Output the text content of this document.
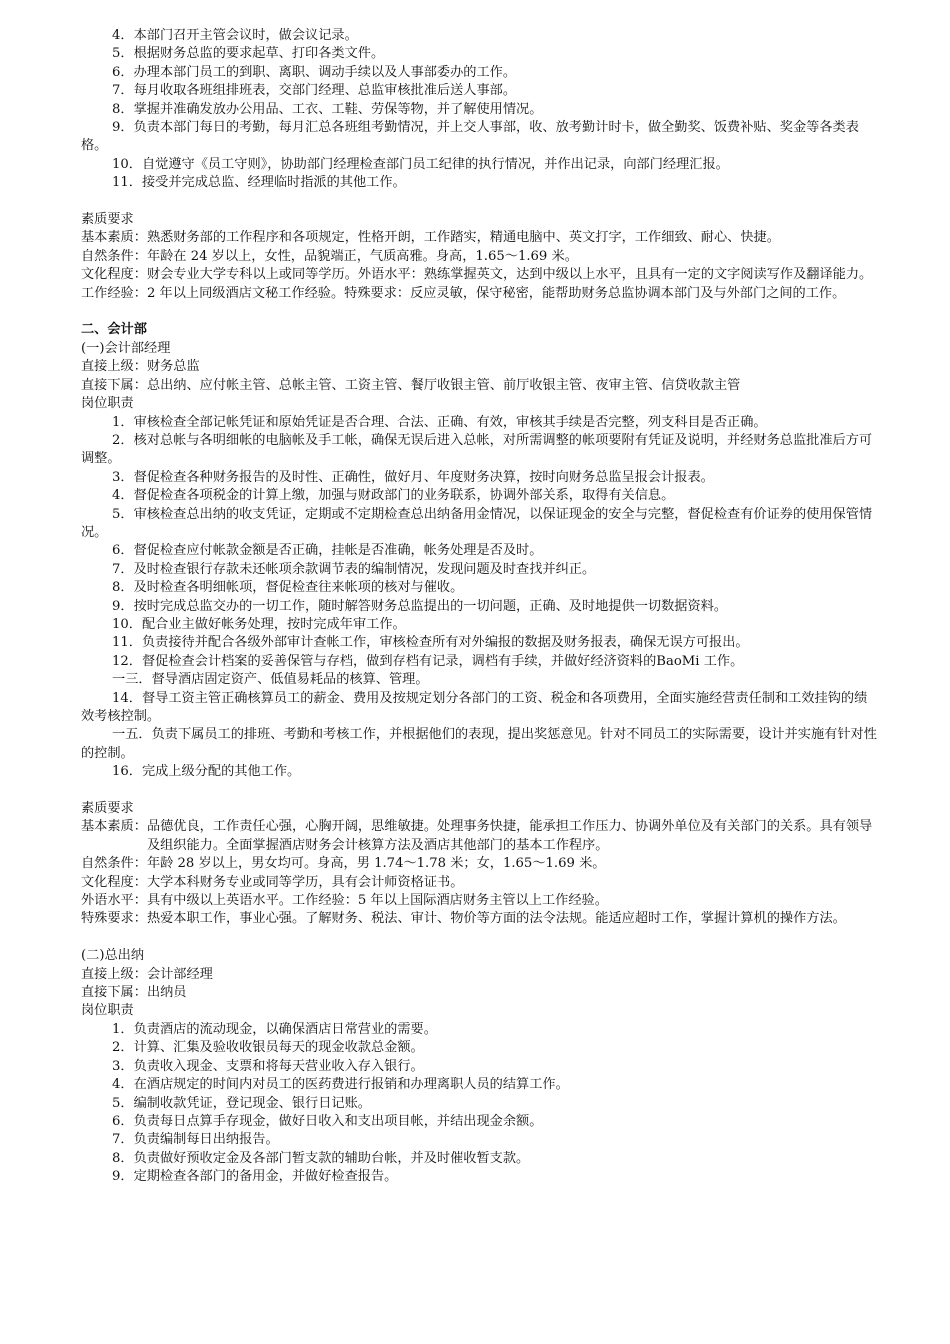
4．本部门召开主管会议时，做会议记录。
5．根据财务总监的要求起草、打印各类文件。
6．办理本部门员工的到职、离职、调动手续以及人事部委办的工作。
7．每月收取各班组排班表，交部门经理、总监审核批准后送人事部。
8．掌握并准确发放办公用品、工衣、工鞋、劳保等物，并了解使用情况。
9．负责本部门每日的考勤，每月汇总各班组考勤情况，并上交人事部，收、放考勤计时卡，做全勤奖、饭费补贴、奖金等各类表格。
10．自觉遵守《员工守则》，协助部门经理检查部门员工纪律的执行情况，并作出记录，向部门经理汇报。
11．接受并完成总监、经理临时指派的其他工作。
素质要求
基本素质： 熟悉财务部的工作程序和各项规定，性格开朗，工作踏实，精通电脑中、英文打字，工作细致、耐心、快捷。
自然条件： 年龄在 24 岁以上，女性，品貌端正，气质高雅。身高，1.65～1.69 米。
文化程度： 财会专业大学专科以上或同等学历。外语水平：熟练掌握英文，达到中级以上水平，且具有一定的文字阅读写作及翻译能力。
工作经验： 2 年以上同级酒店文秘工作经验。特殊要求：反应灵敏，保守秘密，能帮助财务总监协调本部门及与外部门之间的工作。
二、会计部
(一)会计部经理
直接上级： 财务总监
直接下属： 总出纳、应付帐主管、总帐主管、工资主管、餐厅收银主管、前厅收银主管、夜审主管、信贷收款主管
岗位职责
1．审核检查全部记帐凭证和原始凭证是否合理、合法、正确、有效，审核其手续是否完整，列支科目是否正确。
2．核对总帐与各明细帐的电脑帐及手工帐，确保无误后进入总帐，对所需调整的帐项要附有凭证及说明，并经财务总监批准后方可调整。
3．督促检查各种财务报告的及时性、正确性，做好月、年度财务决算，按时向财务总监呈报会计报表。
4．督促检查各项税金的计算上缴，加强与财政部门的业务联系，协调外部关系，取得有关信息。
5．审核检查总出纳的收支凭证，定期或不定期检查总出纳备用金情况，以保证现金的安全与完整，督促检查有价证券的使用保管情况。
6．督促检查应付帐款金额是否正确，挂帐是否准确，帐务处理是否及时。
7．及时检查银行存款未还帐项余款调节表的编制情况，发现问题及时查找并纠正。
8．及时检查各明细帐项，督促检查往来帐项的核对与催收。
9．按时完成总监交办的一切工作，随时解答财务总监提出的一切问题，正确、及时地提供一切数据资料。
10．配合业主做好帐务处理，按时完成年审工作。
11．负责接待并配合各级外部审计查帐工作，审核检查所有对外编报的数据及财务报表，确保无误方可报出。
12．督促检查会计档案的妥善保管与存档，做到存档有记录，调档有手续，并做好经济资料的BaoMi 工作。
一三．督导酒店固定资产、低值易耗品的核算、管理。
14．督导工资主管正确核算员工的薪金、费用及按规定划分各部门的工资、税金和各项费用，全面实施经营责任制和工效挂钩的绩效考核控制。
一五．负责下属员工的排班、考勤和考核工作，并根据他们的表现，提出奖惩意见。针对不同员工的实际需要，设计并实施有针对性的控制。
16．完成上级分配的其他工作。
素质要求
基本素质： 品德优良，工作责任心强，心胸开阔，思维敏捷。处理事务快捷，能承担工作压力、协调外单位及有关部门的关系。具有领导及组织能力。全面掌握酒店财务会计核算方法及酒店其他部门的基本工作程序。
自然条件： 年龄 28 岁以上，男女均可。身高，男 1.74～1.78 米；女，1.65～1.69 米。
文化程度： 大学本科财务专业或同等学历，具有会计师资格证书。
外语水平： 具有中级以上英语水平。工作经验：5 年以上国际酒店财务主管以上工作经验。
特殊要求： 热爱本职工作，事业心强。了解财务、税法、审计、物价等方面的法令法规。能适应超时工作，掌握计算机的操作方法。
(二)总出纳
直接上级： 会计部经理
直接下属： 出纳员
岗位职责
1．负责酒店的流动现金，以确保酒店日常营业的需要。
2．计算、汇集及验收收银员每天的现金收款总金额。
3．负责收入现金、支票和将每天营业收入存入银行。
4．在酒店规定的时间内对员工的医药费进行报销和办理离职人员的结算工作。
5．编制收款凭证，登记现金、银行日记账。
6．负责每日点算手存现金，做好日收入和支出项目帐，并结出现金余额。
7．负责编制每日出纳报告。
8．负责做好预收定金及各部门暂支款的辅助台帐，并及时催收暂支款。
9．定期检查各部门的备用金，并做好检查报告。
